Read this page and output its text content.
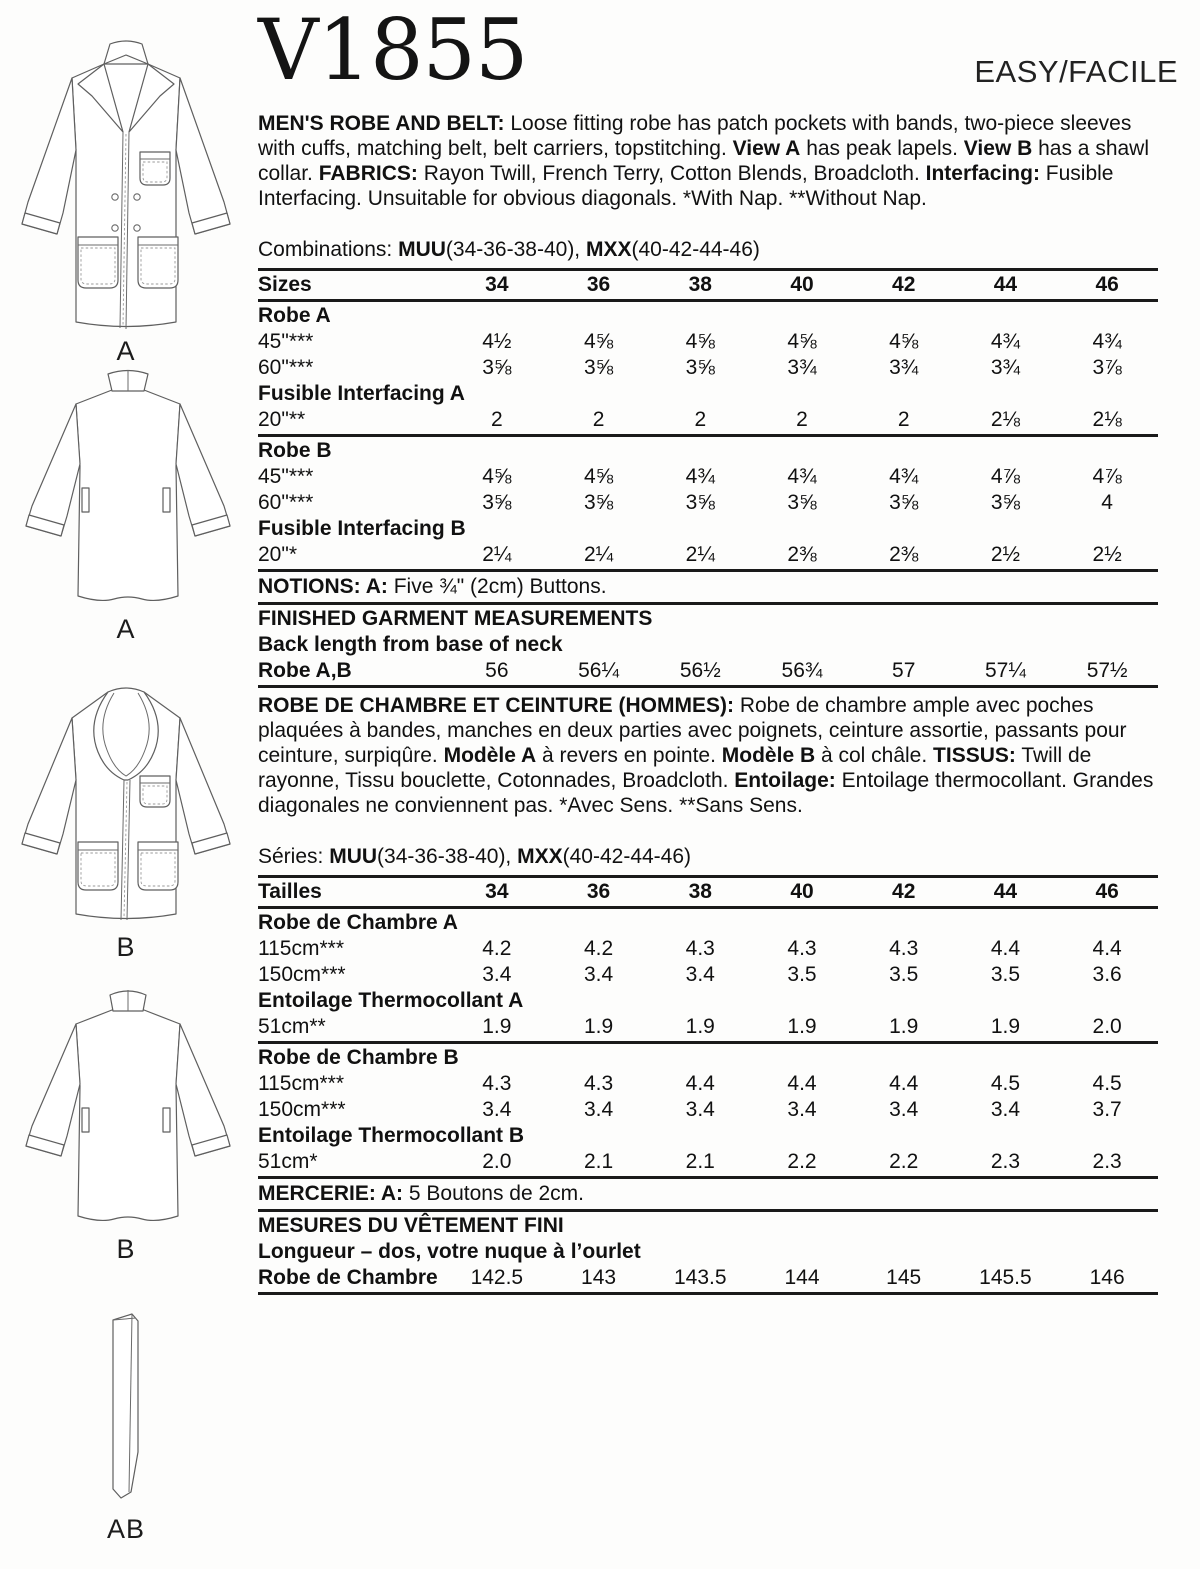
A
A
B
B
AB
EASY/FACILE
V1855
MEN'S ROBE AND BELT: Loose fitting robe has patch pockets with bands, two-piece sleeves with cuffs, matching belt, belt carriers, topstitching. View A has peak lapels. View B has a shawl collar. FABRICS: Rayon Twill, French Terry, Cotton Blends, Broadcloth. Interfacing: Fusible Interfacing. Unsuitable for obvious diagonals. *With Nap. **Without Nap.
Combinations: MUU(34-36-38-40), MXX(40-42-44-46)
Sizes	34	36	38	40	42	44	46
Robe A
45"***	4½	4⅝	4⅝	4⅝	4⅝	4¾	4¾
60"***	3⅝	3⅝	3⅝	3¾	3¾	3¾	3⅞
Fusible Interfacing A
20"**	2	2	2	2	2	2⅛	2⅛
Robe B
45"***	4⅝	4⅝	4¾	4¾	4¾	4⅞	4⅞
60"***	3⅝	3⅝	3⅝	3⅝	3⅝	3⅝	4
Fusible Interfacing B
20"*	2¼	2¼	2¼	2⅜	2⅜	2½	2½
NOTIONS: A: Five ¾" (2cm) Buttons.
FINISHED GARMENT MEASUREMENTS
Back length from base of neck
Robe A,B	56	56¼	56½	56¾	57	57¼	57½
ROBE DE CHAMBRE ET CEINTURE (HOMMES): Robe de chambre ample avec poches plaquées à bandes, manches en deux parties avec poignets, ceinture assortie, passants pour ceinture, surpiqûre. Modèle A à revers en pointe. Modèle B à col châle. TISSUS: Twill de rayonne, Tissu bouclette, Cotonnades, Broadcloth. Entoilage: Entoilage thermocollant. Grandes diagonales ne conviennent pas. *Avec Sens. **Sans Sens.
Séries: MUU(34-36-38-40), MXX(40-42-44-46)
Tailles	34	36	38	40	42	44	46
Robe de Chambre A
115cm***	4.2	4.2	4.3	4.3	4.3	4.4	4.4
150cm***	3.4	3.4	3.4	3.5	3.5	3.5	3.6
Entoilage Thermocollant A
51cm**	1.9	1.9	1.9	1.9	1.9	1.9	2.0
Robe de Chambre B
115cm***	4.3	4.3	4.4	4.4	4.4	4.5	4.5
150cm***	3.4	3.4	3.4	3.4	3.4	3.4	3.7
Entoilage Thermocollant B
51cm*	2.0	2.1	2.1	2.2	2.2	2.3	2.3
MERCERIE: A: 5 Boutons de 2cm.
MESURES DU VÊTEMENT FINI
Longueur – dos, votre nuque à l’ourlet
Robe de Chambre	142.5	143	143.5	144	145	145.5	146
